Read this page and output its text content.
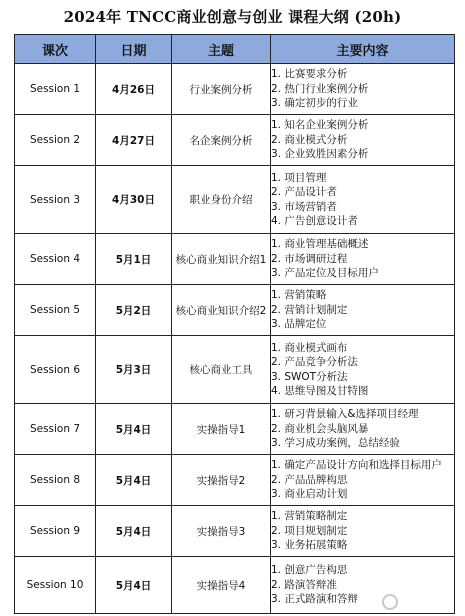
2024年 TNCC商业创意与创业 课程大纲 (20h)
课次	日期	主题	主要内容
Session 1	4月26日	行业案例分析	1. 比赛要求分析
2. 热门行业案例分析
3. 确定初步的行业

Session 2	4月27日	名企案例分析	1. 知名企业案例分析
2. 商业模式分析
3. 企业致胜因素分析

Session 3	4月30日	职业身份介绍	1. 项目管理
2. 产品设计者
3. 市场营销者
4. 广告创意设计者

Session 4	5月1日	核心商业知识介绍1	1. 商业管理基础概述
2. 市场调研过程
3. 产品定位及目标用户

Session 5	5月2日	核心商业知识介绍2	1. 营销策略
2. 营销计划制定
3. 品牌定位

Session 6	5月3日	核心商业工具	1. 商业模式画布
2. 产品竞争分析法
3. SWOT分析法
4. 思维导图及甘特图

Session 7	5月4日	实操指导1	1. 研习背景输入&选择项目经理
2. 商业机会头脑风暴
3. 学习成功案例，总结经验

Session 8	5月4日	实操指导2	1. 确定产品设计方向和选择目标用户
2. 产品品牌构思
3. 商业启动计划

Session 9	5月4日	实操指导3	1. 营销策略制定
2. 项目规划制定
3. 业务拓展策略

Session 10	5月4日	实操指导4	1. 创意广告构思
2. 路演答辩准
3. 正式路演和答辩
